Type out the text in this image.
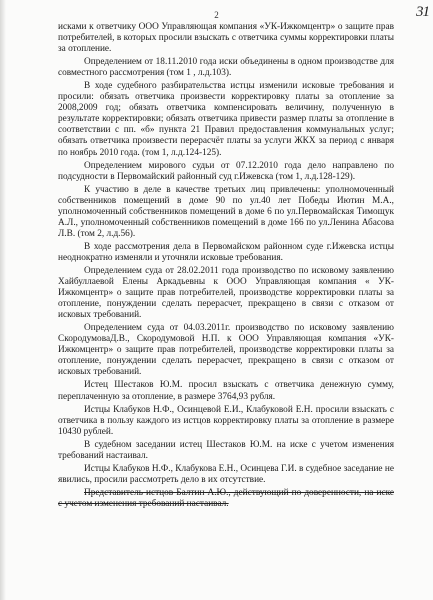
2	31

исками к ответчику ООО Управляющая компания «УК-Ижкомцентр» о защите прав потребителей, в которых просили взыскать с ответчика суммы корректировки платы за отопление.

Определением от 18.11.2010 года иски объединены в одном производстве для совместного рассмотрения (том 1 , л.д.103).

В ходе судебного разбирательства истцы изменили исковые требования и просили: обязать ответчика произвести корректировку платы за отопление за 2008,2009 год; обязать ответчика компенсировать величину, полученную в результате корректировки; обязать ответчика привести размер платы за отопление в соответствии с пп. «б» пункта 21 Правил предоставления коммунальных услуг; обязать ответчика произвести перерасчёт платы за услуги ЖКХ за период с января по ноябрь 2010 года. (том 1, л.д.124-125).

Определением мирового судьи от 07.12.2010 года дело направлено по подсудности в Первомайский районный суд г.Ижевска (том 1, л.д.128-129).

К участию в деле в качестве третьих лиц привлечены: уполномоченный собственников помещений в доме 90 по ул.40 лет Победы Иютин М.А., уполномоченный собственников помещений в доме 6 по ул.Первомайская Тимощук А.Л., уполномоченный собственников помещений в доме 166 по ул.Ленина Абасова Л.В. (том 2, л.д.56).

В ходе рассмотрения дела в Первомайском районном суде г.Ижевска истцы неоднократно изменяли и уточняли исковые требования.

Определением суда от 28.02.2011 года производство по исковому заявлению Хайбуллаевой Елены Аркадьевны к ООО Управляющая компания « УК-Ижкомцентр» о защите прав потребителей, производстве корректировки платы за отопление, понуждении сделать перерасчет, прекращено в связи с отказом от исковых требований.

Определением суда от 04.03.2011г. производство по исковому заявлению СкородумоваД.В., Скородумовой Н.П. к ООО Управляющая компания «УК-Ижкомцентр» о защите прав потребителей, производстве корректировки платы за отопление, понуждении сделать перерасчет, прекращено в связи с отказом от исковых требований.

Истец Шестаков Ю.М. просил взыскать с ответчика денежную сумму, переплаченную за отопление, в размере 3764,93 рубля.

Истцы Клабуков Н.Ф., Осинцевой Е.И., Клабуковой Е.Н. просили взыскать с ответчика в пользу каждого из истцов корректировку платы за отопление в размере 10430 рублей.

В судебном заседании истец Шестаков Ю.М. на иске с учетом изменения требований настаивал.

Истцы Клабуков Н.Ф., Клабукова Е.Н., Осинцева Г.И. в судебное заседание не явились, просили рассмотреть дело в их отсутствие.

Представитель истцов Балтин А.Ю., действующий по доверенности, на иске с учетом изменения требований настаивал.
